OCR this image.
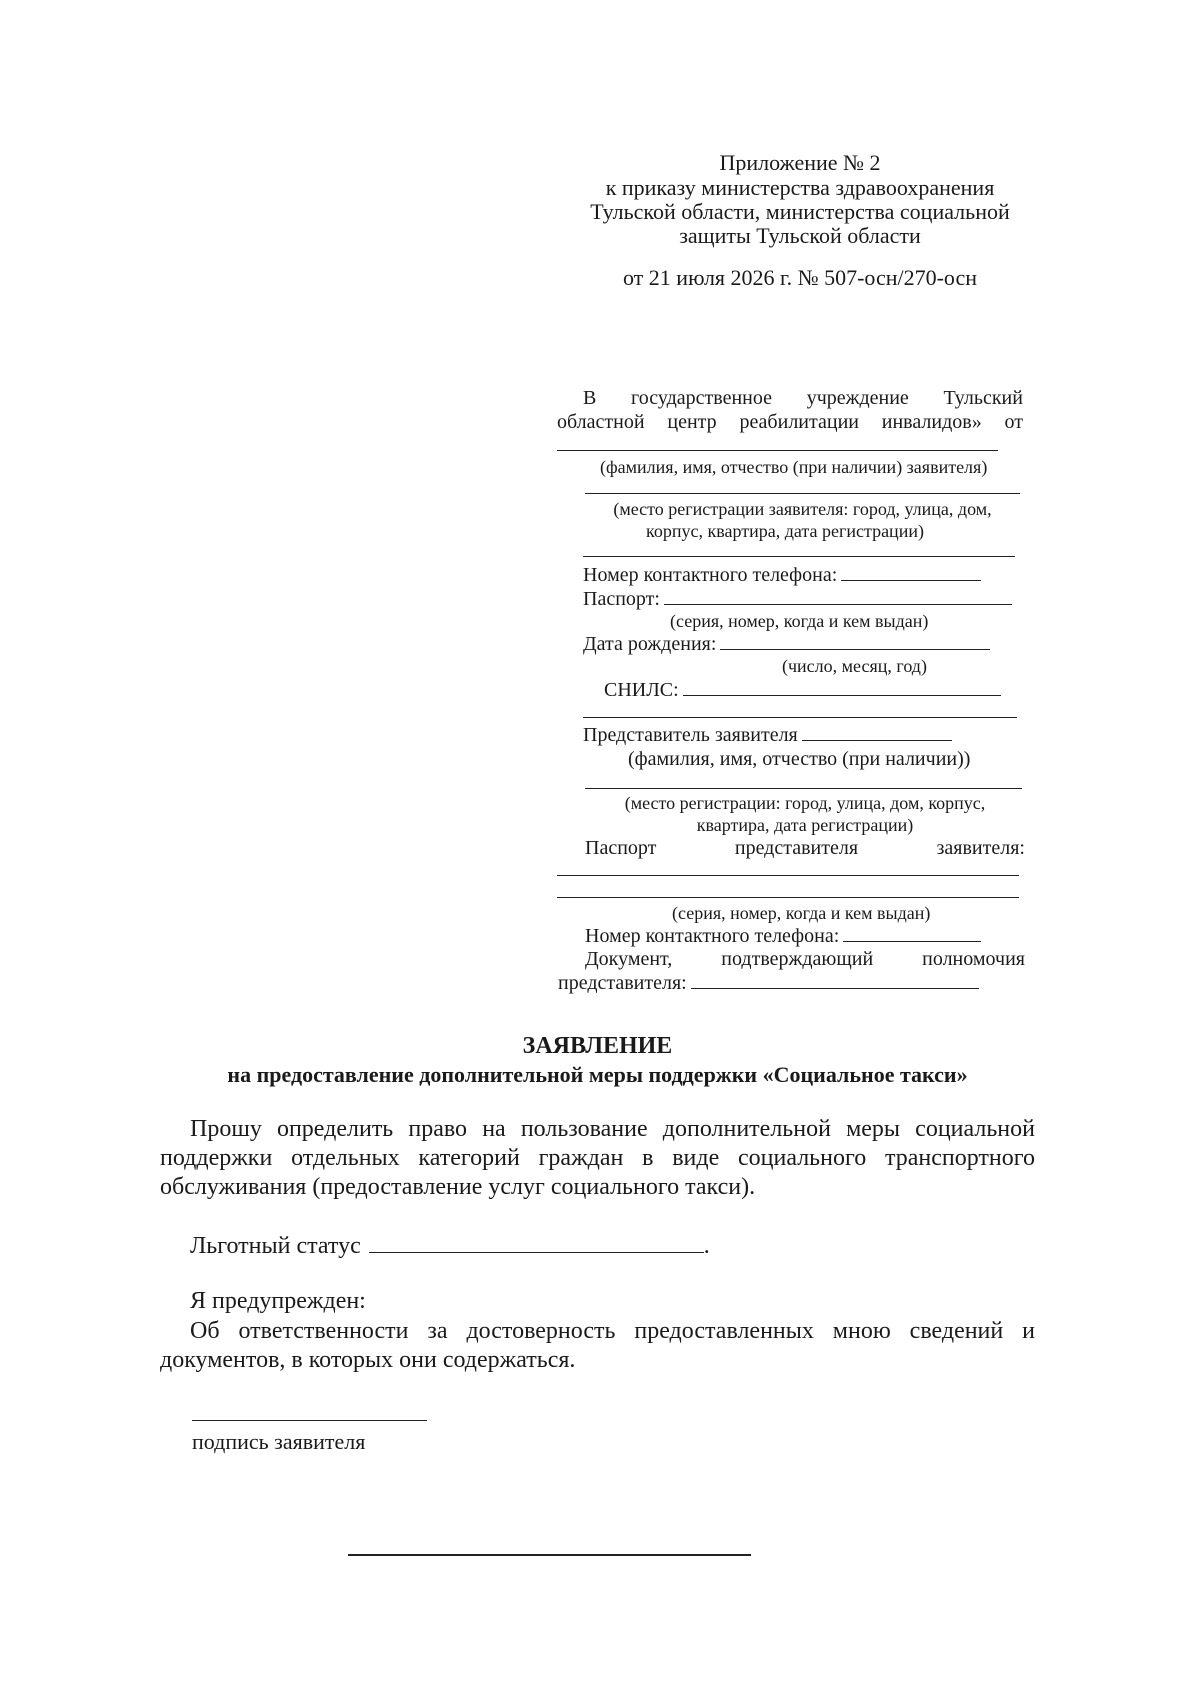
Приложение № 2
к приказу министерства здравоохранения
Тульской области, министерства социальной
защиты Тульской области
от 21 июля 2026 г. № 507-осн/270-осн
В государственное учреждение Тульский
областной центр реабилитации инвалидов» от
(фамилия, имя, отчество (при наличии) заявителя)
(место регистрации заявителя: город, улица, дом,
корпус, квартира, дата регистрации)
Номер контактного телефона:
Паспорт:
(серия, номер, когда и кем выдан)
Дата рождения:
(число, месяц, год)
СНИЛС:
Представитель заявителя
(фамилия, имя, отчество (при наличии))
(место регистрации: город, улица, дом, корпус,
квартира, дата регистрации)
Паспорт	представителя	заявителя:
(серия, номер, когда и кем выдан)
Номер контактного телефона:
Документ, подтверждающий полномочия
представителя:
ЗАЯВЛЕНИЕ
на предоставление дополнительной меры поддержки «Социальное такси»
Прошу определить право на пользование дополнительной меры социальной
поддержки отдельных категорий граждан в виде социального транспортного
обслуживания (предоставление услуг социального такси).
Льготный статус	.
Я предупрежден:
Об ответственности за достоверность предоставленных мною сведений и
документов, в которых они содержаться.
подпись заявителя
